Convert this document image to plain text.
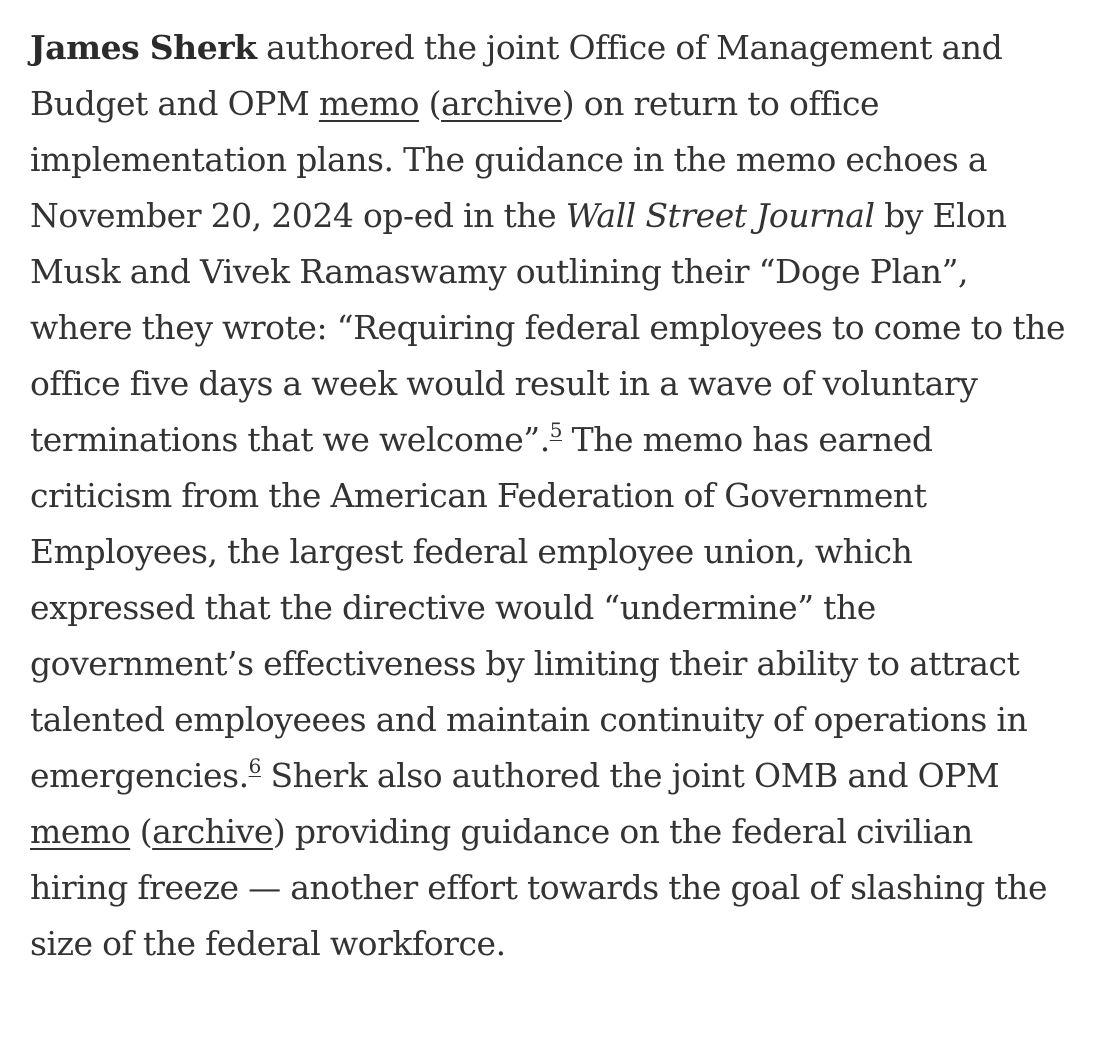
James Sherk authored the joint Office of Management and Budget and OPM memo (archive) on return to office implementation plans. The guidance in the memo echoes a November 20, 2024 op-ed in the Wall Street Journal by Elon Musk and Vivek Ramaswamy outlining their “Doge Plan”, where they wrote: “Requiring federal employees to come to the office five days a week would result in a wave of voluntary terminations that we welcome”.$^5$ The memo has earned criticism from the American Federation of Government Employees, the largest federal employee union, which expressed that the directive would “undermine” the government’s effectiveness by limiting their ability to attract talented employeees and maintain continuity of operations in emergencies.$^6$ Sherk also authored the joint OMB and OPM memo (archive) providing guidance on the federal civilian hiring freeze — another effort towards the goal of slashing the size of the federal workforce.
